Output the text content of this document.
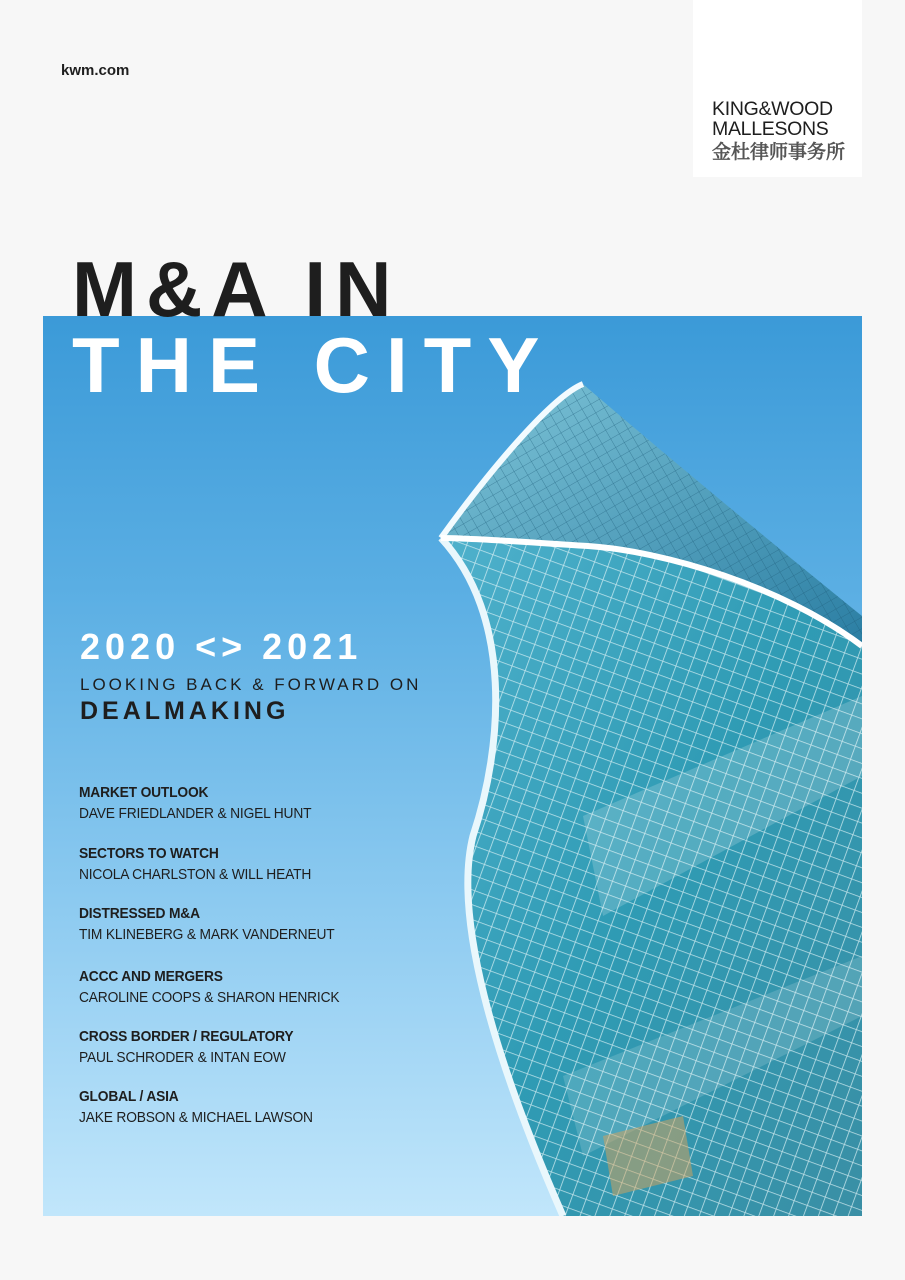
kwm.com
KING&WOOD
MALLESONS
金杜律师事务所
M&A IN
THE CITY
2020 <> 2021
LOOKING BACK & FORWARD ON
DEALMAKING
MARKET OUTLOOK
DAVE FRIEDLANDER & NIGEL HUNT
SECTORS TO WATCH
NICOLA CHARLSTON & WILL HEATH
DISTRESSED M&A
TIM KLINEBERG & MARK VANDERNEUT
ACCC AND MERGERS
CAROLINE COOPS & SHARON HENRICK
CROSS BORDER / REGULATORY
PAUL SCHRODER & INTAN EOW
GLOBAL / ASIA
JAKE ROBSON & MICHAEL LAWSON
